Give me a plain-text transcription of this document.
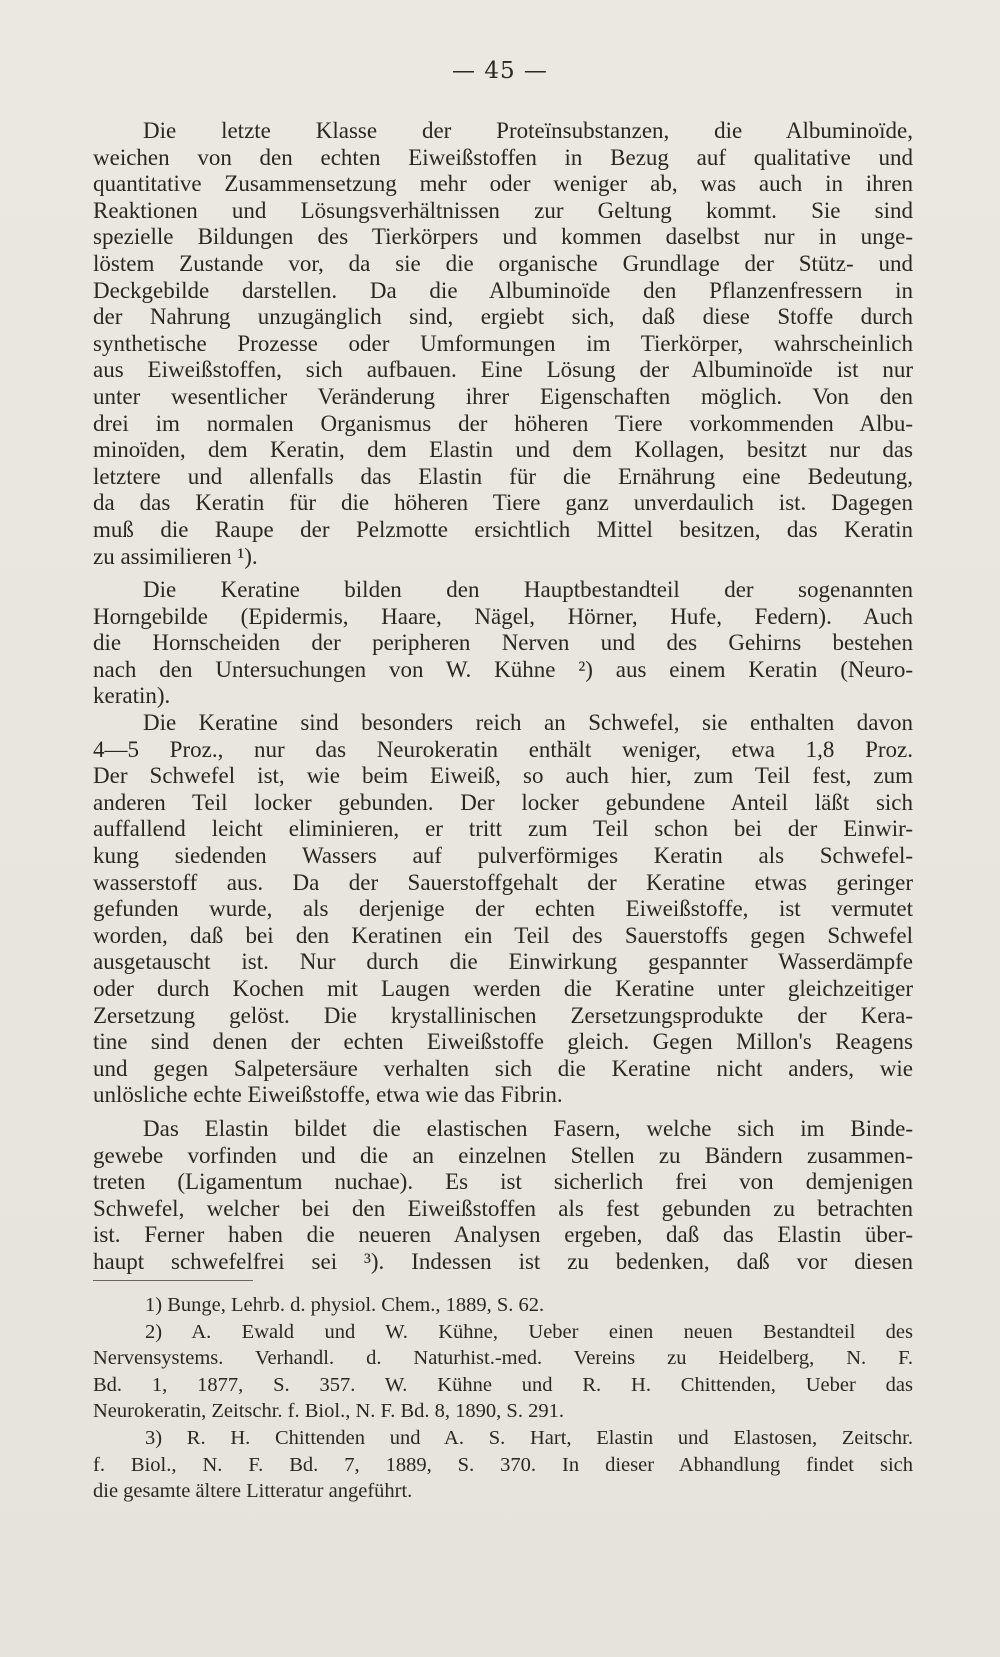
— 45 —
Die letzte Klasse der Proteïnsubstanzen, die Albuminoïde,
weichen von den echten Eiweißstoffen in Bezug auf qualitative und
quantitative Zusammensetzung mehr oder weniger ab, was auch in ihren
Reaktionen und Lösungsverhältnissen zur Geltung kommt. Sie sind
spezielle Bildungen des Tierkörpers und kommen daselbst nur in unge-
löstem Zustande vor, da sie die organische Grundlage der Stütz- und
Deckgebilde darstellen. Da die Albuminoïde den Pflanzenfressern in
der Nahrung unzugänglich sind, ergiebt sich, daß diese Stoffe durch
synthetische Prozesse oder Umformungen im Tierkörper, wahrscheinlich
aus Eiweißstoffen, sich aufbauen. Eine Lösung der Albuminoïde ist nur
unter wesentlicher Veränderung ihrer Eigenschaften möglich. Von den
drei im normalen Organismus der höheren Tiere vorkommenden Albu-
minoïden, dem Keratin, dem Elastin und dem Kollagen, besitzt nur das
letztere und allenfalls das Elastin für die Ernährung eine Bedeutung,
da das Keratin für die höheren Tiere ganz unverdaulich ist. Dagegen
muß die Raupe der Pelzmotte ersichtlich Mittel besitzen, das Keratin
zu assimilieren ¹).
Die Keratine bilden den Hauptbestandteil der sogenannten
Horngebilde (Epidermis, Haare, Nägel, Hörner, Hufe, Federn). Auch
die Hornscheiden der peripheren Nerven und des Gehirns bestehen
nach den Untersuchungen von W. Kühne ²) aus einem Keratin (Neuro-
keratin).
Die Keratine sind besonders reich an Schwefel, sie enthalten davon
4—5 Proz., nur das Neurokeratin enthält weniger, etwa 1,8 Proz.
Der Schwefel ist, wie beim Eiweiß, so auch hier, zum Teil fest, zum
anderen Teil locker gebunden. Der locker gebundene Anteil läßt sich
auffallend leicht eliminieren, er tritt zum Teil schon bei der Einwir-
kung siedenden Wassers auf pulverförmiges Keratin als Schwefel-
wasserstoff aus. Da der Sauerstoffgehalt der Keratine etwas geringer
gefunden wurde, als derjenige der echten Eiweißstoffe, ist vermutet
worden, daß bei den Keratinen ein Teil des Sauerstoffs gegen Schwefel
ausgetauscht ist. Nur durch die Einwirkung gespannter Wasserdämpfe
oder durch Kochen mit Laugen werden die Keratine unter gleichzeitiger
Zersetzung gelöst. Die krystallinischen Zersetzungsprodukte der Kera-
tine sind denen der echten Eiweißstoffe gleich. Gegen Millon's Reagens
und gegen Salpetersäure verhalten sich die Keratine nicht anders, wie
unlösliche echte Eiweißstoffe, etwa wie das Fibrin.
Das Elastin bildet die elastischen Fasern, welche sich im Binde-
gewebe vorfinden und die an einzelnen Stellen zu Bändern zusammen-
treten (Ligamentum nuchae). Es ist sicherlich frei von demjenigen
Schwefel, welcher bei den Eiweißstoffen als fest gebunden zu betrachten
ist. Ferner haben die neueren Analysen ergeben, daß das Elastin über-
haupt schwefelfrei sei ³). Indessen ist zu bedenken, daß vor diesen
1) Bunge, Lehrb. d. physiol. Chem., 1889, S. 62.
2) A. Ewald und W. Kühne, Ueber einen neuen Bestandteil des
Nervensystems. Verhandl. d. Naturhist.-med. Vereins zu Heidelberg, N. F.
Bd. 1, 1877, S. 357. W. Kühne und R. H. Chittenden, Ueber das
Neurokeratin, Zeitschr. f. Biol., N. F. Bd. 8, 1890, S. 291.
3) R. H. Chittenden und A. S. Hart, Elastin und Elastosen, Zeitschr.
f. Biol., N. F. Bd. 7, 1889, S. 370. In dieser Abhandlung findet sich
die gesamte ältere Litteratur angeführt.
